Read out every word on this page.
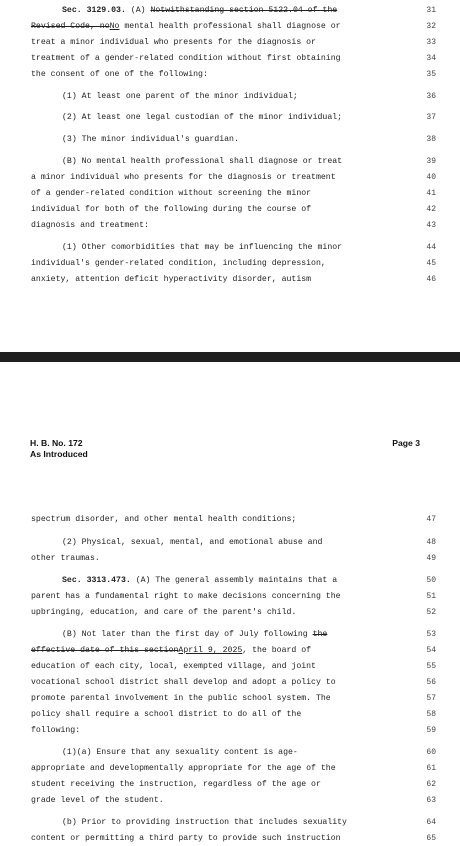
Sec. 3129.03. (A) Notwithstanding section 5122.04 of the	31
Revised Code, noNo mental health professional shall diagnose or	32
treat a minor individual who presents for the diagnosis or	33
treatment of a gender-related condition without first obtaining	34
the consent of one of the following:	35
(1) At least one parent of the minor individual;	36
(2) At least one legal custodian of the minor individual;	37
(3) The minor individual's guardian.	38
(B) No mental health professional shall diagnose or treat	39
a minor individual who presents for the diagnosis or treatment	40
of a gender-related condition without screening the minor	41
individual for both of the following during the course of	42
diagnosis and treatment:	43
(1) Other comorbidities that may be influencing the minor	44
individual's gender-related condition, including depression,	45
anxiety, attention deficit hyperactivity disorder, autism	46
H. B. No. 172
As Introduced
Page 3
spectrum disorder, and other mental health conditions;	47
(2) Physical, sexual, mental, and emotional abuse and	48
other traumas.	49
Sec. 3313.473. (A) The general assembly maintains that a	50
parent has a fundamental right to make decisions concerning the	51
upbringing, education, and care of the parent's child.	52
(B) Not later than the first day of July following the	53
effective date of this sectionApril 9, 2025, the board of	54
education of each city, local, exempted village, and joint	55
vocational school district shall develop and adopt a policy to	56
promote parental involvement in the public school system. The	57
policy shall require a school district to do all of the	58
following:	59
(1)(a) Ensure that any sexuality content is age-	60
appropriate and developmentally appropriate for the age of the	61
student receiving the instruction, regardless of the age or	62
grade level of the student.	63
(b) Prior to providing instruction that includes sexuality	64
content or permitting a third party to provide such instruction	65
